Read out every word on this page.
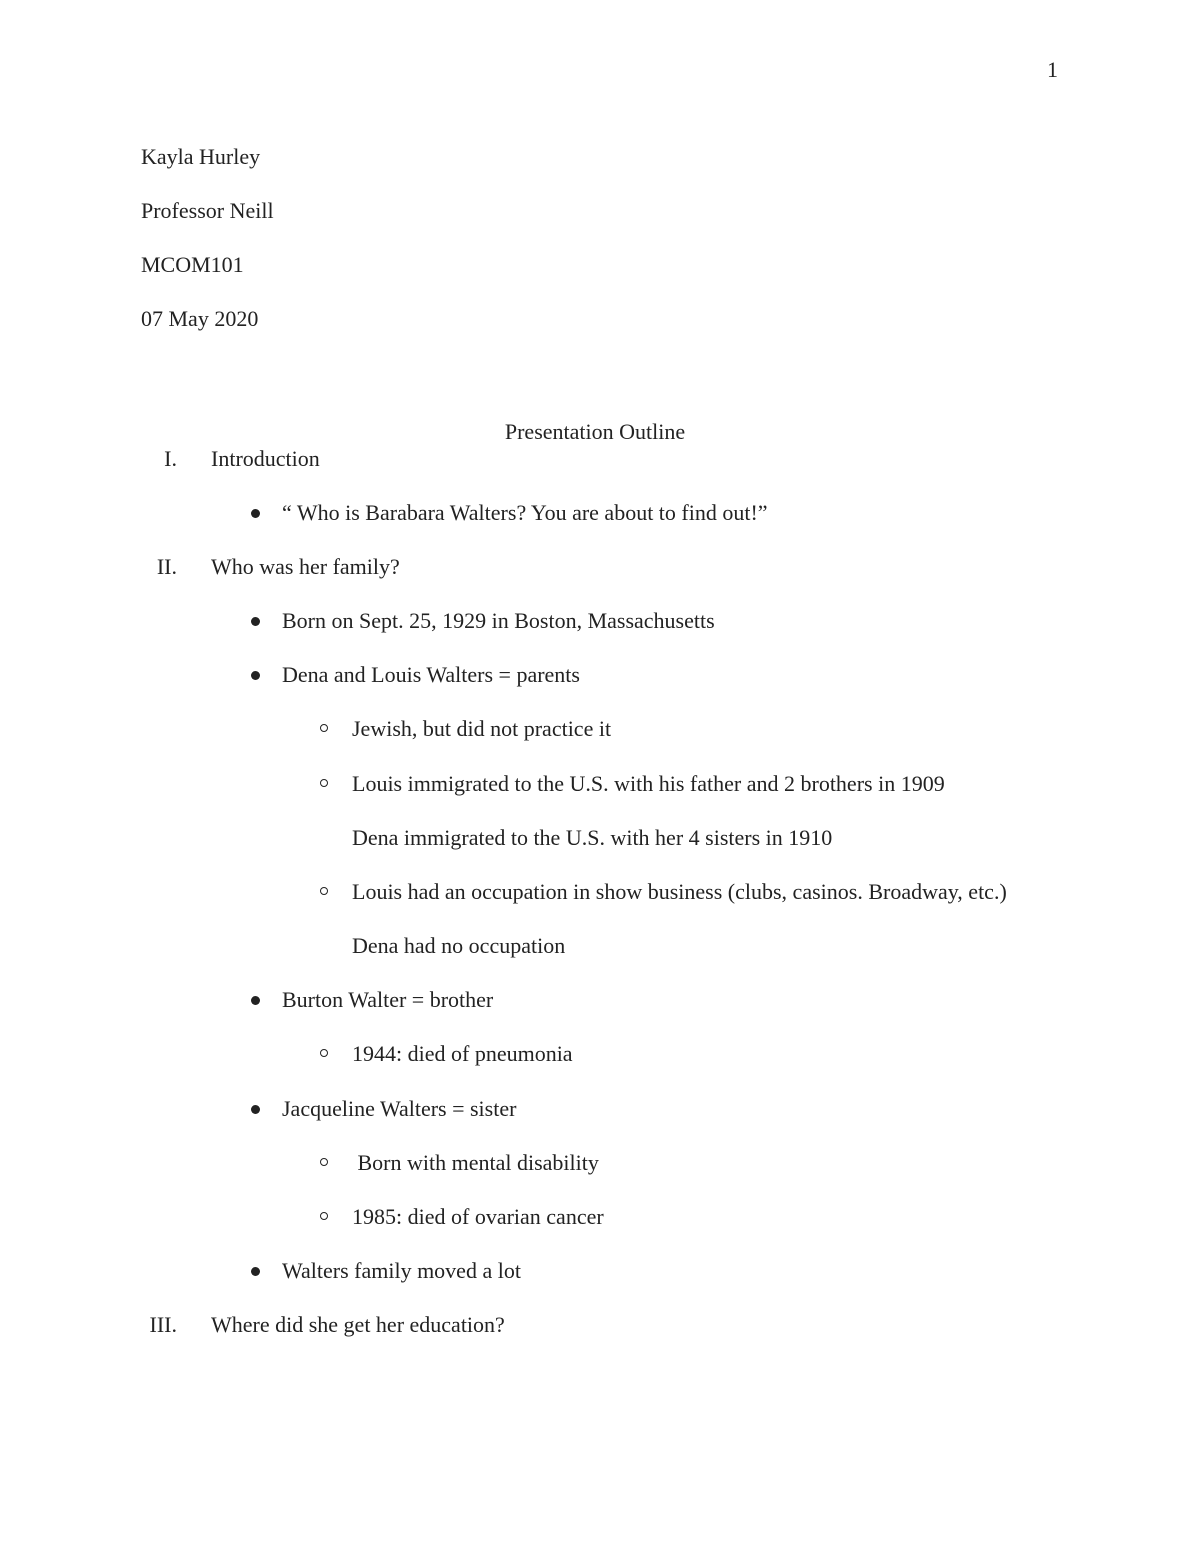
1
Kayla Hurley
Professor Neill
MCOM101
07 May 2020
Presentation Outline
I. Introduction
“ Who is Barabara Walters? You are about to find out!”
II. Who was her family?
Born on Sept. 25, 1929 in Boston, Massachusetts
Dena and Louis Walters = parents
Jewish, but did not practice it
Louis immigrated to the U.S. with his father and 2 brothers in 1909
Dena immigrated to the U.S. with her 4 sisters in 1910
Louis had an occupation in show business (clubs, casinos. Broadway, etc.)
Dena had no occupation
Burton Walter = brother
1944: died of pneumonia
Jacqueline Walters = sister
Born with mental disability
1985: died of ovarian cancer
Walters family moved a lot
III. Where did she get her education?
